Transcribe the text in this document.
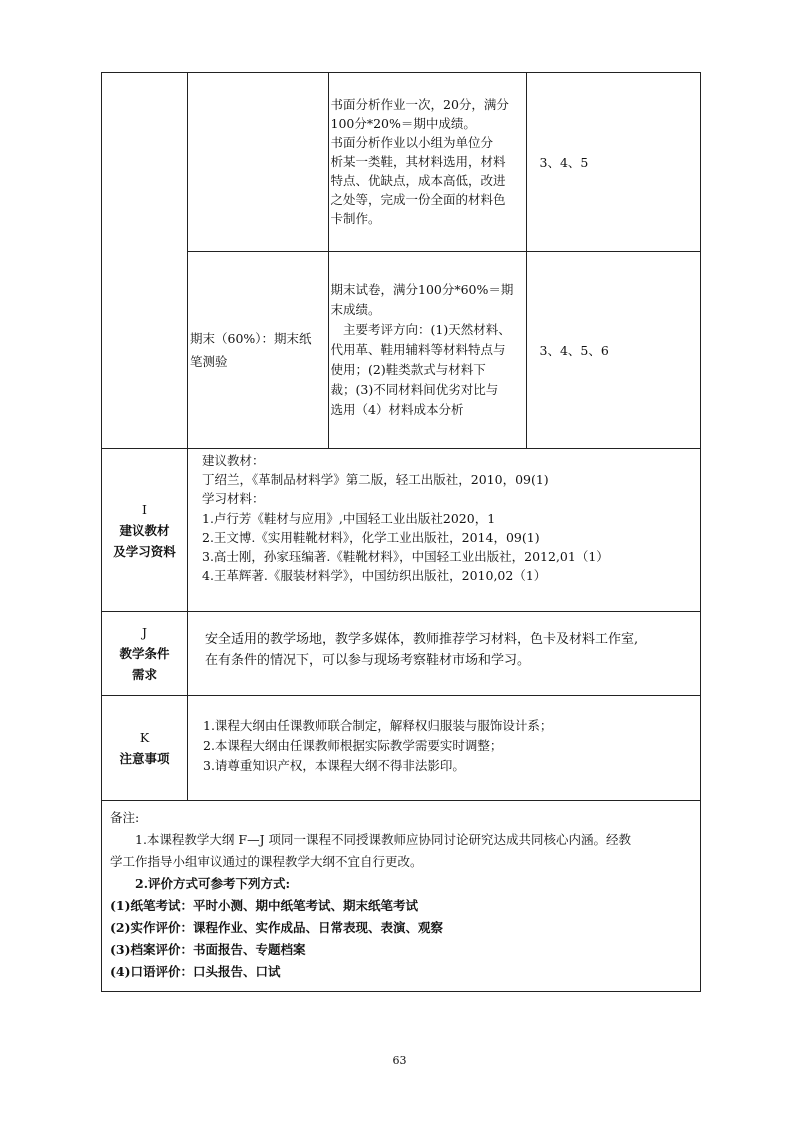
书面分析作业一次，20分，满分
100分*20%＝期中成绩。
书面分析作业以小组为单位分
析某一类鞋，其材料选用，材料
特点、优缺点，成本高低，改进
之处等，完成一份全面的材料色
卡制作。
	3、4、5

期末（60%）：期末纸
笔测验

期末试卷，满分100分*60%＝期
末成绩。
　主要考评方向：(1)天然材料、
代用革、鞋用辅料等材料特点与
使用；(2)鞋类款式与材料下
裁；(3)不同材料间优劣对比与
选用（4）材料成本分析
	3、4、5、6

I
建议教材
及学习资料

建议教材：
丁绍兰，《革制品材料学》第二版，轻工出版社，2010，09(1)
学习材料：
1.卢行芳《鞋材与应用》,中国轻工业出版社2020，1
2.王文博.《实用鞋靴材料》，化学工业出版社，2014，09(1)
3.高士刚，孙家珏编著.《鞋靴材料》，中国轻工业出版社，2012,01（1）
4.王革辉著.《服装材料学》，中国纺织出版社，2010,02（1）

J
教学条件
需求

安全适用的教学场地，教学多媒体，教师推荐学习材料，色卡及材料工作室,
在有条件的情况下，可以参与现场考察鞋材市场和学习。

K
注意事项

1.课程大纲由任课教师联合制定，解释权归服装与服饰设计系；
2.本课程大纲由任课教师根据实际教学需要实时调整；
3.请尊重知识产权，本课程大纲不得非法影印。

备注:
　　1.本课程教学大纲 F—J 项同一课程不同授课教师应协同讨论研究达成共同核心内涵。经教
学工作指导小组审议通过的课程教学大纲不宜自行更改。
　　2.评价方式可参考下列方式:
(1)纸笔考试：平时小测、期中纸笔考试、期末纸笔考试
(2)实作评价：课程作业、实作成品、日常表现、表演、观察
(3)档案评价：书面报告、专题档案
(4)口语评价：口头报告、口试
63
